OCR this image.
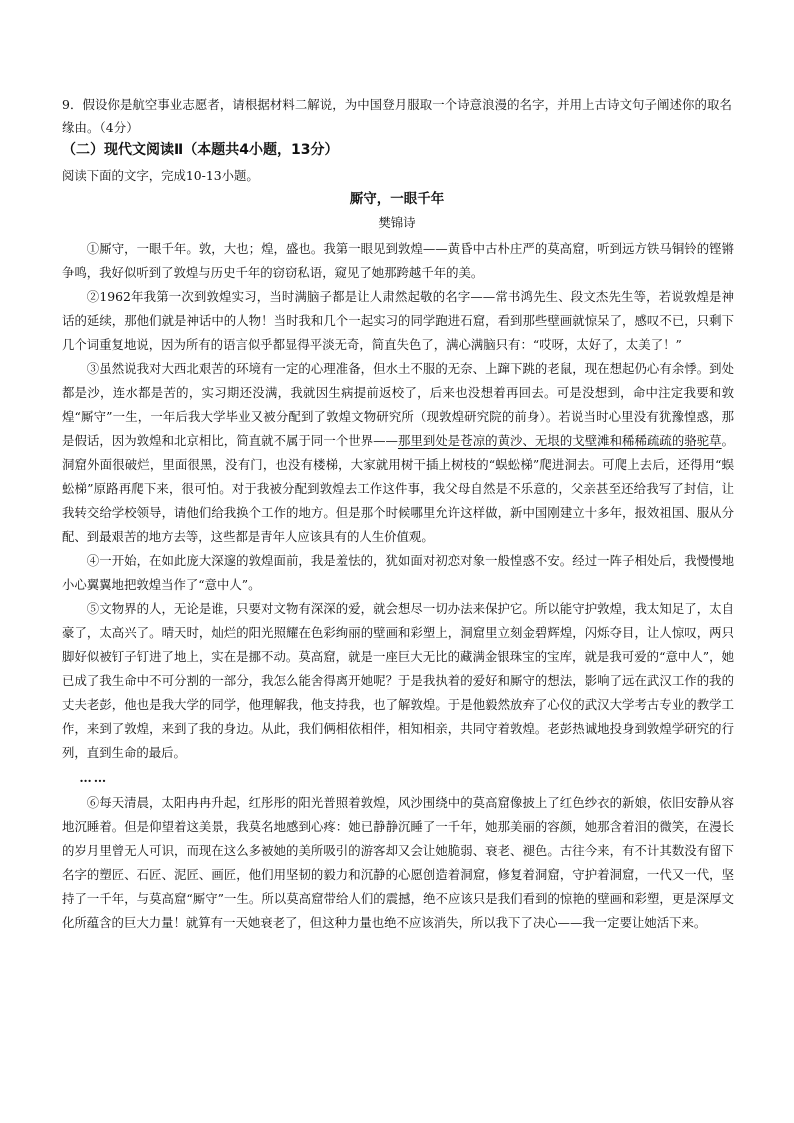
9．假设你是航空事业志愿者，请根据材料二解说，为中国登月服取一个诗意浪漫的名字，并用上古诗文句子阐述你的取名缘由。（4分）
（二）现代文阅读Ⅱ（本题共4小题，13分）
阅读下面的文字，完成10-13小题。
厮守，一眼千年
樊锦诗

①厮守，一眼千年。敦，大也；煌，盛也。我第一眼见到敦煌——黄昏中古朴庄严的莫高窟，听到远方铁马铜铃的铿锵争鸣，我好似听到了敦煌与历史千年的窃窃私语，窥见了她那跨越千年的美。

②1962年我第一次到敦煌实习，当时满脑子都是让人肃然起敬的名字——常书鸿先生、段文杰先生等，若说敦煌是神话的延续，那他们就是神话中的人物！当时我和几个一起实习的同学跑进石窟，看到那些壁画就惊呆了，感叹不已，只剩下几个词重复地说，因为所有的语言似乎都显得平淡无奇，简直失色了，满心满脑只有：“哎呀，太好了，太美了！”

③虽然说我对大西北艰苦的环境有一定的心理准备，但水土不服的无奈、上蹿下跳的老鼠，现在想起仍心有余悸。到处都是沙，连水都是苦的，实习期还没满，我就因生病提前返校了，后来也没想着再回去。可是没想到，命中注定我要和敦煌“厮守”一生，一年后我大学毕业又被分配到了敦煌文物研究所（现敦煌研究院的前身）。若说当时心里没有犹豫惶惑，那是假话，因为敦煌和北京相比，简直就不属于同一个世界——那里到处是苍凉的黄沙、无垠的戈壁滩和稀稀疏疏的骆驼草。洞窟外面很破烂，里面很黑，没有门，也没有楼梯，大家就用树干插上树枝的“蜈蚣梯”爬进洞去。可爬上去后，还得用“蜈蚣梯”原路再爬下来，很可怕。对于我被分配到敦煌去工作这件事，我父母自然是不乐意的，父亲甚至还给我写了封信，让我转交给学校领导，请他们给我换个工作的地方。但是那个时候哪里允许这样做，新中国刚建立十多年，报效祖国、服从分配、到最艰苦的地方去等，这些都是青年人应该具有的人生价值观。

④一开始，在如此庞大深邃的敦煌面前，我是羞怯的，犹如面对初恋对象一般惶惑不安。经过一阵子相处后，我慢慢地小心翼翼地把敦煌当作了“意中人”。

⑤文物界的人，无论是谁，只要对文物有深深的爱，就会想尽一切办法来保护它。所以能守护敦煌，我太知足了，太自豪了，太高兴了。晴天时，灿烂的阳光照耀在色彩绚丽的壁画和彩塑上，洞窟里立刻金碧辉煌，闪烁夺目，让人惊叹，两只脚好似被钉子钉进了地上，实在是挪不动。莫高窟，就是一座巨大无比的藏满金银珠宝的宝库，就是我可爱的“意中人”，她已成了我生命中不可分割的一部分，我怎么能舍得离开她呢？于是我执着的爱好和厮守的想法，影响了远在武汉工作的我的丈夫老彭，他也是我大学的同学，他理解我，他支持我，也了解敦煌。于是他毅然放弃了心仪的武汉大学考古专业的教学工作，来到了敦煌，来到了我的身边。从此，我们俩相依相伴，相知相亲，共同守着敦煌。老彭热诚地投身到敦煌学研究的行列，直到生命的最后。

……

⑥每天清晨，太阳冉冉升起，红彤彤的阳光普照着敦煌，风沙围绕中的莫高窟像披上了红色纱衣的新娘，依旧安静从容地沉睡着。但是仰望着这美景，我莫名地感到心疼：她已静静沉睡了一千年，她那美丽的容颜，她那含着泪的微笑，在漫长的岁月里曾无人可识，而现在这么多被她的美所吸引的游客却又会让她脆弱、衰老、褪色。古往今来，有不计其数没有留下名字的塑匠、石匠、泥匠、画匠，他们用坚韧的毅力和沉静的心愿创造着洞窟，修复着洞窟，守护着洞窟，一代又一代，坚持了一千年，与莫高窟“厮守”一生。所以莫高窟带给人们的震撼，绝不应该只是我们看到的惊艳的壁画和彩塑，更是深厚文化所蕴含的巨大力量！就算有一天她衰老了，但这种力量也绝不应该消失，所以我下了决心——我一定要让她活下来。
